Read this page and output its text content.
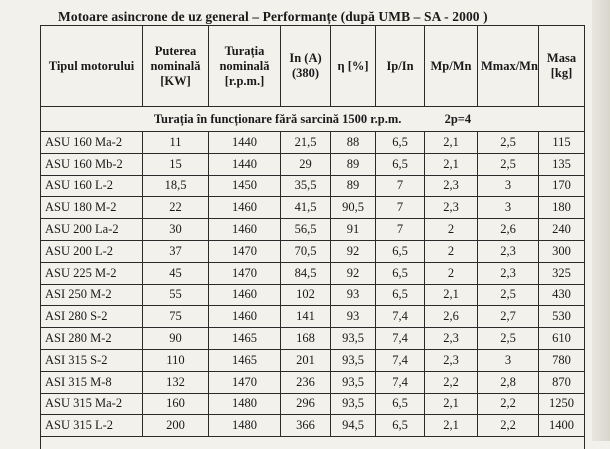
Motoare asincrone de uz general – Performanțe (după UMB – SA - 2000 )
Tipul motorului	Puterea nominală [KW]	Turația nominală [r.p.m.]	In (A) (380)	η [%]	Ip/In	Mp/Mn	Mmax/Mn	Masa [kg]
Turația în funcționare fără sarcină 1500 r.p.m. 2p=4								
ASU 160 Ma-2	11	1440	21,5	88	6,5	2,1	2,5	115
ASU 160 Mb-2	15	1440	29	89	6,5	2,1	2,5	135
ASU 160 L-2	18,5	1450	35,5	89	7	2,3	3	170
ASU 180 M-2	22	1460	41,5	90,5	7	2,3	3	180
ASU 200 La-2	30	1460	56,5	91	7	2	2,6	240
ASU 200 L-2	37	1470	70,5	92	6,5	2	2,3	300
ASU 225 M-2	45	1470	84,5	92	6,5	2	2,3	325
ASI 250 M-2	55	1460	102	93	6,5	2,1	2,5	430
ASI 280 S-2	75	1460	141	93	7,4	2,6	2,7	530
ASI 280 M-2	90	1465	168	93,5	7,4	2,3	2,5	610
ASI 315 S-2	110	1465	201	93,5	7,4	2,3	3	780
ASI 315 M-8	132	1470	236	93,5	7,4	2,2	2,8	870
ASU 315 Ma-2	160	1480	296	93,5	6,5	2,1	2,2	1250
ASU 315 L-2	200	1480	366	94,5	6,5	2,1	2,2	1400
